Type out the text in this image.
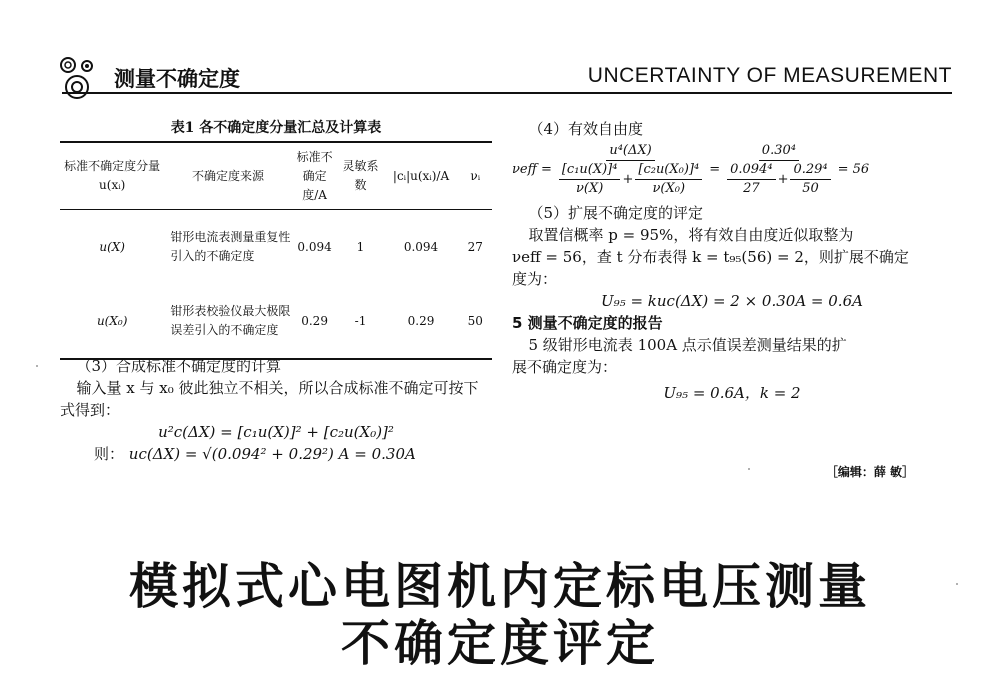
测量不确定度	UNCERTAINTY OF MEASUREMENT
表1 各不确定度分量汇总及计算表
标准不确定度分量 u(xᵢ)	不确定度来源	标准不确定度/A	灵敏系数	|cᵢ|u(xᵢ)/A	νᵢ
u(X)	钳形电流表测量重复性引入的不确定度	0.094	1	0.094	27
u(X₀)	钳形表校验仪最大极限误差引入的不确定度	0.29	-1	0.29	50
（3）合成标准不确定度的计算
输入量 x 与 x₀ 彼此独立不相关，所以合成标准不确定可按下式得到：
u²c(ΔX) = [c₁u(X)]² + [c₂u(X₀)]²
则： uc(ΔX) = √(0.094² + 0.29²) A = 0.30A
（4）有效自由度
νeff =
u⁴(ΔX)
$\frac{\text{[c₁u(X)]⁴}}{\nu(X)} + \frac{\text{[c₂u(X₀)]⁴}}{\text{ν(X₀)}}$ =
0.30⁴
$\frac{\text{0.094⁴}}{27} + \frac{\text{0.29⁴}}{50} = 56$
（5）扩展不确定度的评定
取置信概率 p = 95%，将有效自由度近似取整为
νeff = 56，查 t 分布表得 k = t₉₅(56) = 2，则扩展不确定
度为：
U₉₅ = kuc(ΔX) = 2 × 0.30A = 0.6A
5 测量不确定度的报告
5 级钳形电流表 100A 点示值误差测量结果的扩
展不确定度为：
U₉₅ = 0.6A，k = 2
［编辑：薛 敏］
模拟式心电图机内定标电压测量
不确定度评定
